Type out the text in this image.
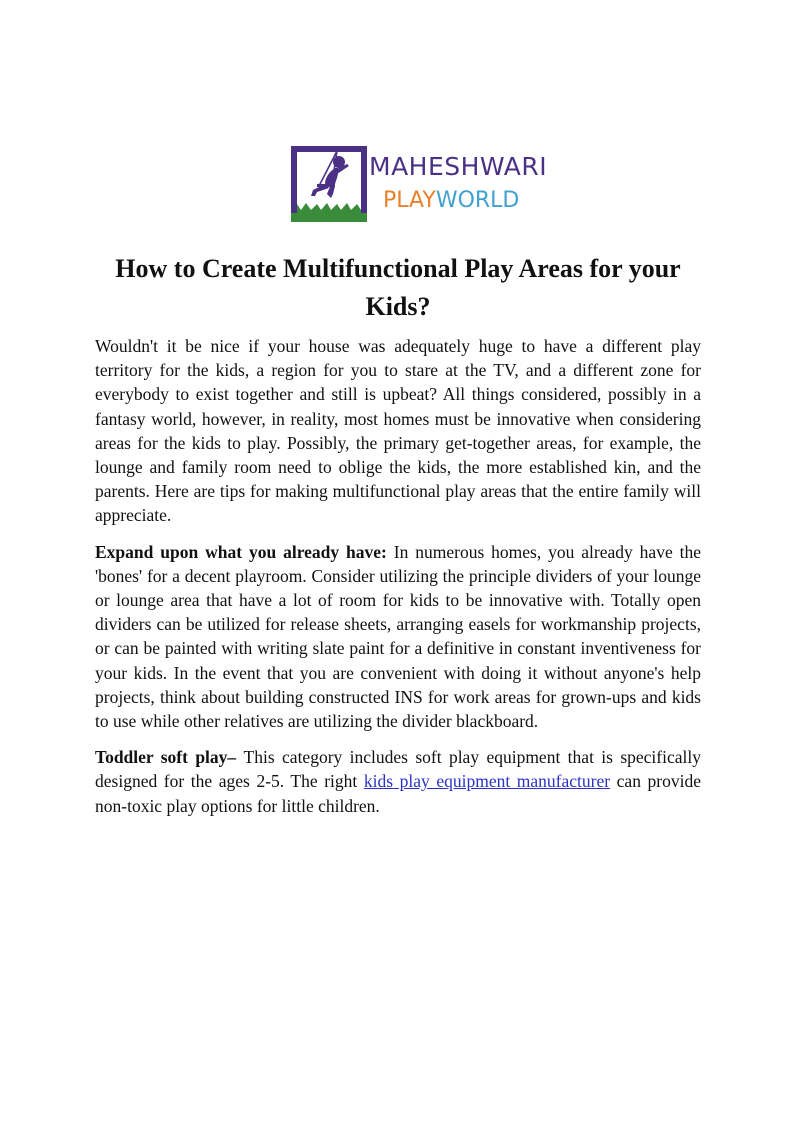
MAHESHWARI
PLAYWORLD
How to Create Multifunctional Play Areas for your Kids?

Wouldn't it be nice if your house was adequately huge to have a different play territory for the kids, a region for you to stare at the TV, and a different zone for everybody to exist together and still is upbeat? All things considered, possibly in a fantasy world, however, in reality, most homes must be innovative when considering areas for the kids to play. Possibly, the primary get-together areas, for example, the lounge and family room need to oblige the kids, the more established kin, and the parents. Here are tips for making multifunctional play areas that the entire family will appreciate.

Expand upon what you already have: In numerous homes, you already have the 'bones' for a decent playroom. Consider utilizing the principle dividers of your lounge or lounge area that have a lot of room for kids to be innovative with. Totally open dividers can be utilized for release sheets, arranging easels for workmanship projects, or can be painted with writing slate paint for a definitive in constant inventiveness for your kids. In the event that you are convenient with doing it without anyone's help projects, think about building constructed INS for work areas for grown-ups and kids to use while other relatives are utilizing the divider blackboard.

Toddler soft play– This category includes soft play equipment that is specifically designed for the ages 2-5. The right kids play equipment manufacturer can provide non-toxic play options for little children.
